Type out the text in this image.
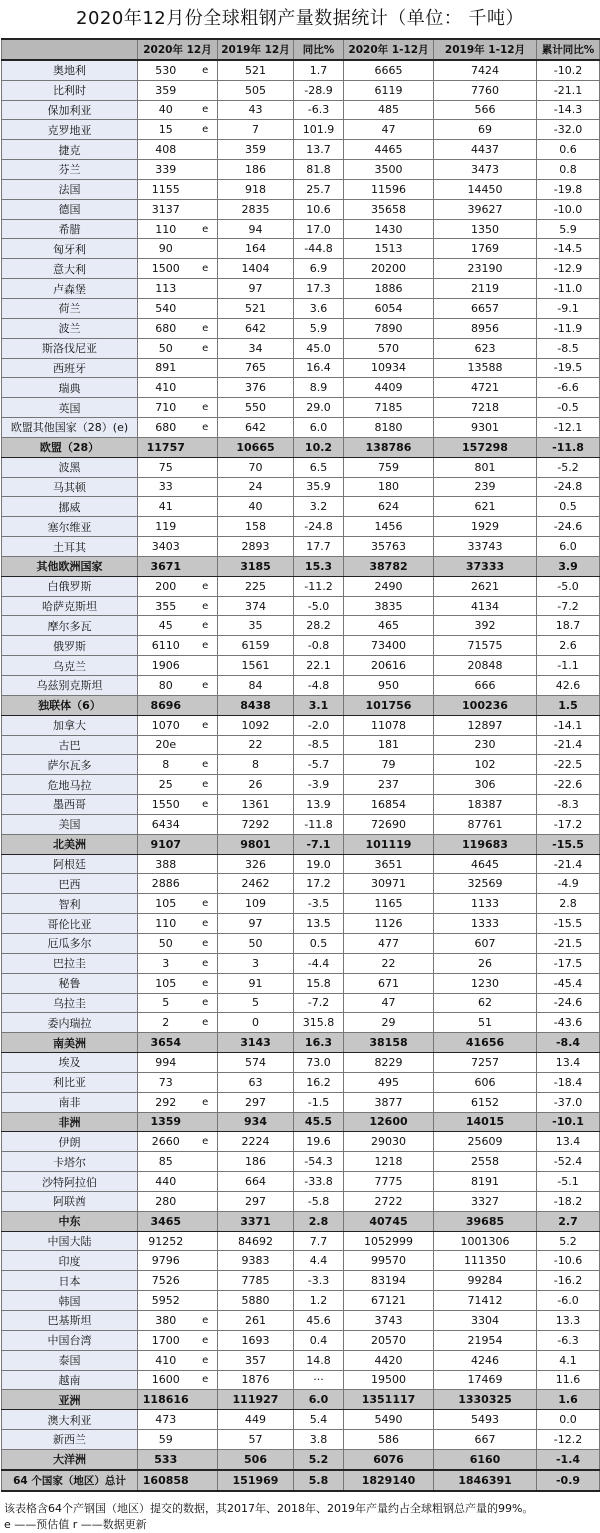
2020年12月份全球粗钢产量数据统计（单位： 千吨）
	2020年 12月		2019年 12月	同比%	2020年 1-12月	2019年 1-12月	累计同比%
奥地利	530	e	521	1.7	6665	7424	-10.2
比利时	359		505	-28.9	6119	7760	-21.1
保加利亚	40	e	43	-6.3	485	566	-14.3
克罗地亚	15	e	7	101.9	47	69	-32.0
捷克	408		359	13.7	4465	4437	0.6
芬兰	339		186	81.8	3500	3473	0.8
法国	1155		918	25.7	11596	14450	-19.8
德国	3137		2835	10.6	35658	39627	-10.0
希腊	110	e	94	17.0	1430	1350	5.9
匈牙利	90		164	-44.8	1513	1769	-14.5
意大利	1500	e	1404	6.9	20200	23190	-12.9
卢森堡	113		97	17.3	1886	2119	-11.0
荷兰	540		521	3.6	6054	6657	-9.1
波兰	680	e	642	5.9	7890	8956	-11.9
斯洛伐尼亚	50	e	34	45.0	570	623	-8.5
西班牙	891		765	16.4	10934	13588	-19.5
瑞典	410		376	8.9	4409	4721	-6.6
英国	710	e	550	29.0	7185	7218	-0.5
欧盟其他国家（28）(e)	680	e	642	6.0	8180	9301	-12.1
欧盟（28）	11757		10665	10.2	138786	157298	-11.8
波黑	75		70	6.5	759	801	-5.2
马其顿	33		24	35.9	180	239	-24.8
挪威	41		40	3.2	624	621	0.5
塞尔维亚	119		158	-24.8	1456	1929	-24.6
土耳其	3403		2893	17.7	35763	33743	6.0
其他欧洲国家	3671		3185	15.3	38782	37333	3.9
白俄罗斯	200	e	225	-11.2	2490	2621	-5.0
哈萨克斯坦	355	e	374	-5.0	3835	4134	-7.2
摩尔多瓦	45	e	35	28.2	465	392	18.7
俄罗斯	6110	e	6159	-0.8	73400	71575	2.6
乌克兰	1906		1561	22.1	20616	20848	-1.1
乌兹别克斯坦	80	e	84	-4.8	950	666	42.6
独联体（6）	8696		8438	3.1	101756	100236	1.5
加拿大	1070	e	1092	-2.0	11078	12897	-14.1
古巴	20e		22	-8.5	181	230	-21.4
萨尔瓦多	8	e	8	-5.7	79	102	-22.5
危地马拉	25	e	26	-3.9	237	306	-22.6
墨西哥	1550	e	1361	13.9	16854	18387	-8.3
美国	6434		7292	-11.8	72690	87761	-17.2
北美洲	9107		9801	-7.1	101119	119683	-15.5
阿根廷	388		326	19.0	3651	4645	-21.4
巴西	2886		2462	17.2	30971	32569	-4.9
智利	105	e	109	-3.5	1165	1133	2.8
哥伦比亚	110	e	97	13.5	1126	1333	-15.5
厄瓜多尔	50	e	50	0.5	477	607	-21.5
巴拉圭	3	e	3	-4.4	22	26	-17.5
秘鲁	105	e	91	15.8	671	1230	-45.4
乌拉圭	5	e	5	-7.2	47	62	-24.6
委内瑞拉	2	e	0	315.8	29	51	-43.6
南美洲	3654		3143	16.3	38158	41656	-8.4
埃及	994		574	73.0	8229	7257	13.4
利比亚	73		63	16.2	495	606	-18.4
南非	292	e	297	-1.5	3877	6152	-37.0
非洲	1359		934	45.5	12600	14015	-10.1
伊朗	2660	e	2224	19.6	29030	25609	13.4
卡塔尔	85		186	-54.3	1218	2558	-52.4
沙特阿拉伯	440		664	-33.8	7775	8191	-5.1
阿联酋	280		297	-5.8	2722	3327	-18.2
中东	3465		3371	2.8	40745	39685	2.7
中国大陆	91252		84692	7.7	1052999	1001306	5.2
印度	9796		9383	4.4	99570	111350	-10.6
日本	7526		7785	-3.3	83194	99284	-16.2
韩国	5952		5880	1.2	67121	71412	-6.0
巴基斯坦	380	e	261	45.6	3743	3304	13.3
中国台湾	1700	e	1693	0.4	20570	21954	-6.3
泰国	410	e	357	14.8	4420	4246	4.1
越南	1600	e	1876	···	19500	17469	11.6
亚洲	118616		111927	6.0	1351117	1330325	1.6
澳大利亚	473		449	5.4	5490	5493	0.0
新西兰	59		57	3.8	586	667	-12.2
大洋洲	533		506	5.2	6076	6160	-1.4
64 个国家（地区）总计	160858		151969	5.8	1829140	1846391	-0.9
该表格含64个产钢国（地区）提交的数据，其2017年、2018年、2019年产量约占全球粗钢总产量的99%。
e ——预估值 r ——数据更新
